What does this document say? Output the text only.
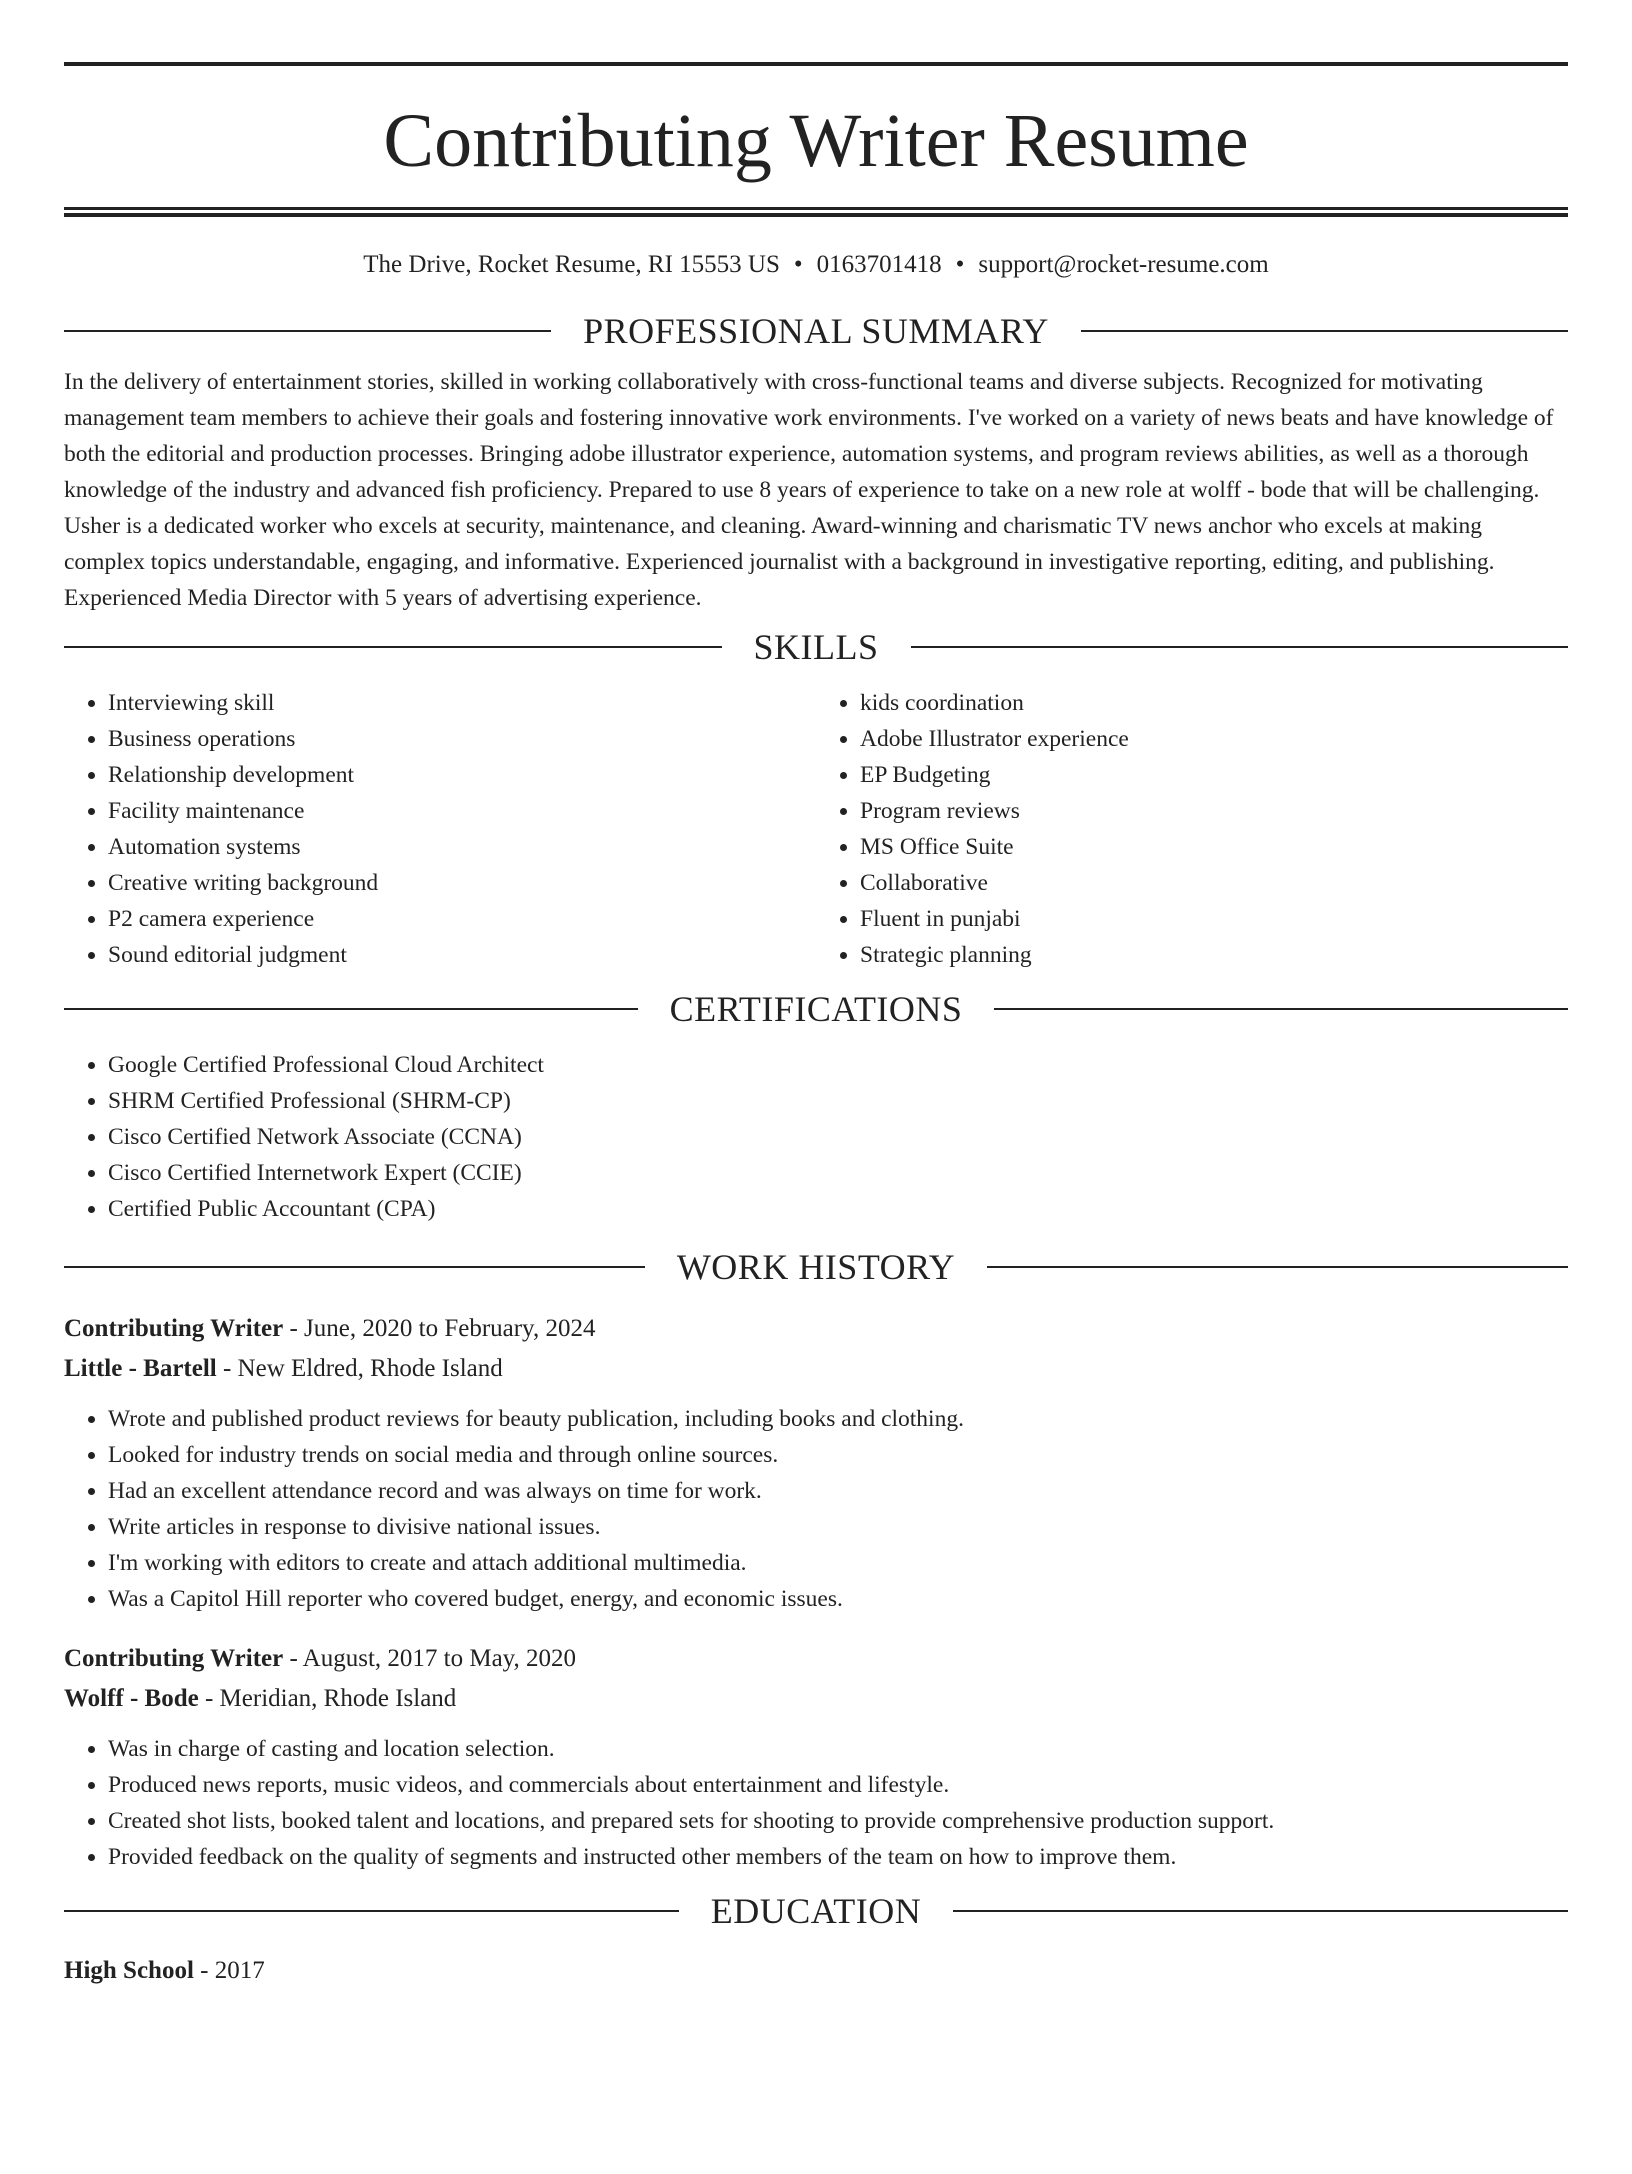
Contributing Writer Resume
The Drive, Rocket Resume, RI 15553 US • 0163701418 • support@rocket-resume.com
PROFESSIONAL SUMMARY

In the delivery of entertainment stories, skilled in working collaboratively with cross-functional teams and diverse subjects. Recognized for motivating management team members to achieve their goals and fostering innovative work environments. I've worked on a variety of news beats and have knowledge of both the editorial and production processes. Bringing adobe illustrator experience, automation systems, and program reviews abilities, as well as a thorough knowledge of the industry and advanced fish proficiency. Prepared to use 8 years of experience to take on a new role at wolff - bode that will be challenging. Usher is a dedicated worker who excels at security, maintenance, and cleaning. Award-winning and charismatic TV news anchor who excels at making complex topics understandable, engaging, and informative. Experienced journalist with a background in investigative reporting, editing, and publishing. Experienced Media Director with 5 years of advertising experience.

SKILLS
• Interviewing skill
• Business operations
• Relationship development
• Facility maintenance
• Automation systems
• Creative writing background
• P2 camera experience
• Sound editorial judgment
• kids coordination
• Adobe Illustrator experience
• EP Budgeting
• Program reviews
• MS Office Suite
• Collaborative
• Fluent in punjabi
• Strategic planning
CERTIFICATIONS
• Google Certified Professional Cloud Architect
• SHRM Certified Professional (SHRM-CP)
• Cisco Certified Network Associate (CCNA)
• Cisco Certified Internetwork Expert (CCIE)
• Certified Public Accountant (CPA)
WORK HISTORY
Contributing Writer - June, 2020 to February, 2024
Little - Bartell - New Eldred, Rhode Island
• Wrote and published product reviews for beauty publication, including books and clothing.
• Looked for industry trends on social media and through online sources.
• Had an excellent attendance record and was always on time for work.
• Write articles in response to divisive national issues.
• I'm working with editors to create and attach additional multimedia.
• Was a Capitol Hill reporter who covered budget, energy, and economic issues.
Contributing Writer - August, 2017 to May, 2020
Wolff - Bode - Meridian, Rhode Island
• Was in charge of casting and location selection.
• Produced news reports, music videos, and commercials about entertainment and lifestyle.
• Created shot lists, booked talent and locations, and prepared sets for shooting to provide comprehensive production support.
• Provided feedback on the quality of segments and instructed other members of the team on how to improve them.
EDUCATION
High School - 2017
